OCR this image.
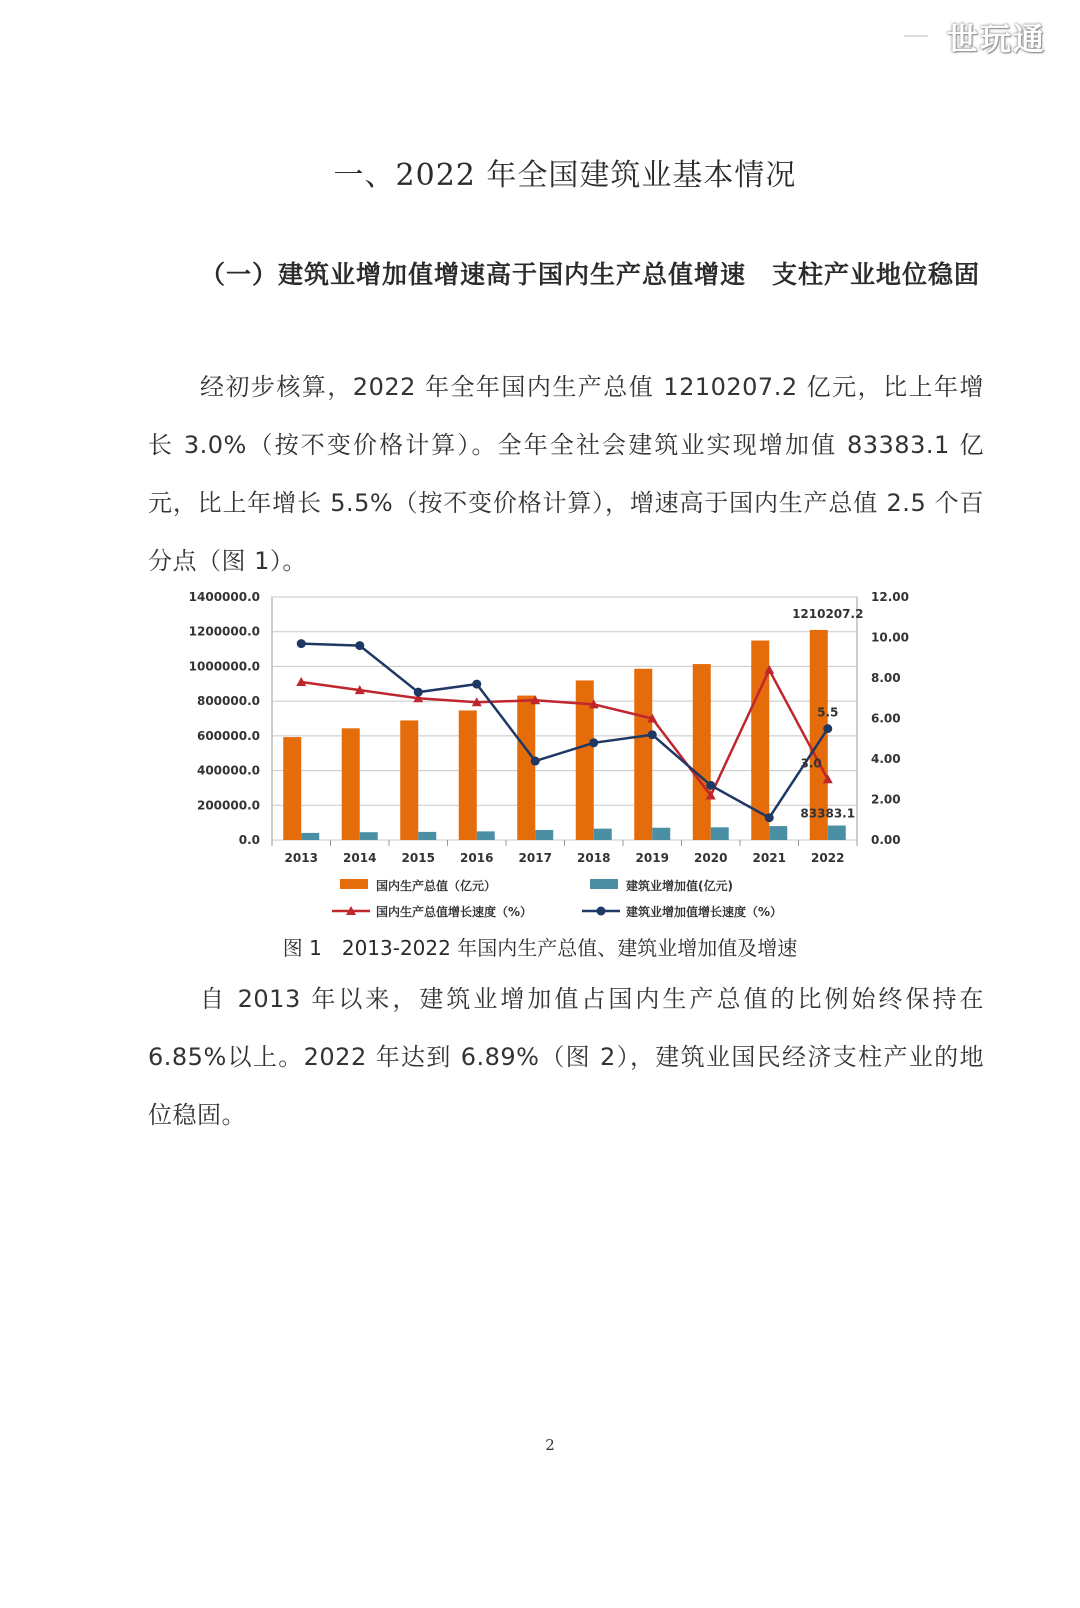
世玩通
一、2022 年全国建筑业基本情况
（一）建筑业增加值增速高于国内生产总值增速　支柱产业地位稳固
经初步核算，2022 年全年国内生产总值 1210207.2 亿元，比上年增长 3.0%（按不变价格计算）。全年全社会建筑业实现增加值 83383.1 亿元，比上年增长 5.5%（按不变价格计算），增速高于国内生产总值 2.5 个百分点（图 1）。
1400000.0
1200000.0
1000000.0
800000.0
600000.0
400000.0
200000.0
0.0
12.00
10.00
8.00
6.00
4.00
2.00
0.00
2013 2014 2015 2016 2017 2018 2019 2020 2021 2022
1210207.2
5.5
3.0
83383.1
国内生产总值（亿元）	建筑业增加值(亿元)
国内生产总值增长速度（%）	建筑业增加值增长速度（%）
图 1　2013-2022 年国内生产总值、建筑业增加值及增速
自 2013 年以来，建筑业增加值占国内生产总值的比例始终保持在 6.85%以上。2022 年达到 6.89%（图 2），建筑业国民经济支柱产业的地位稳固。
2
